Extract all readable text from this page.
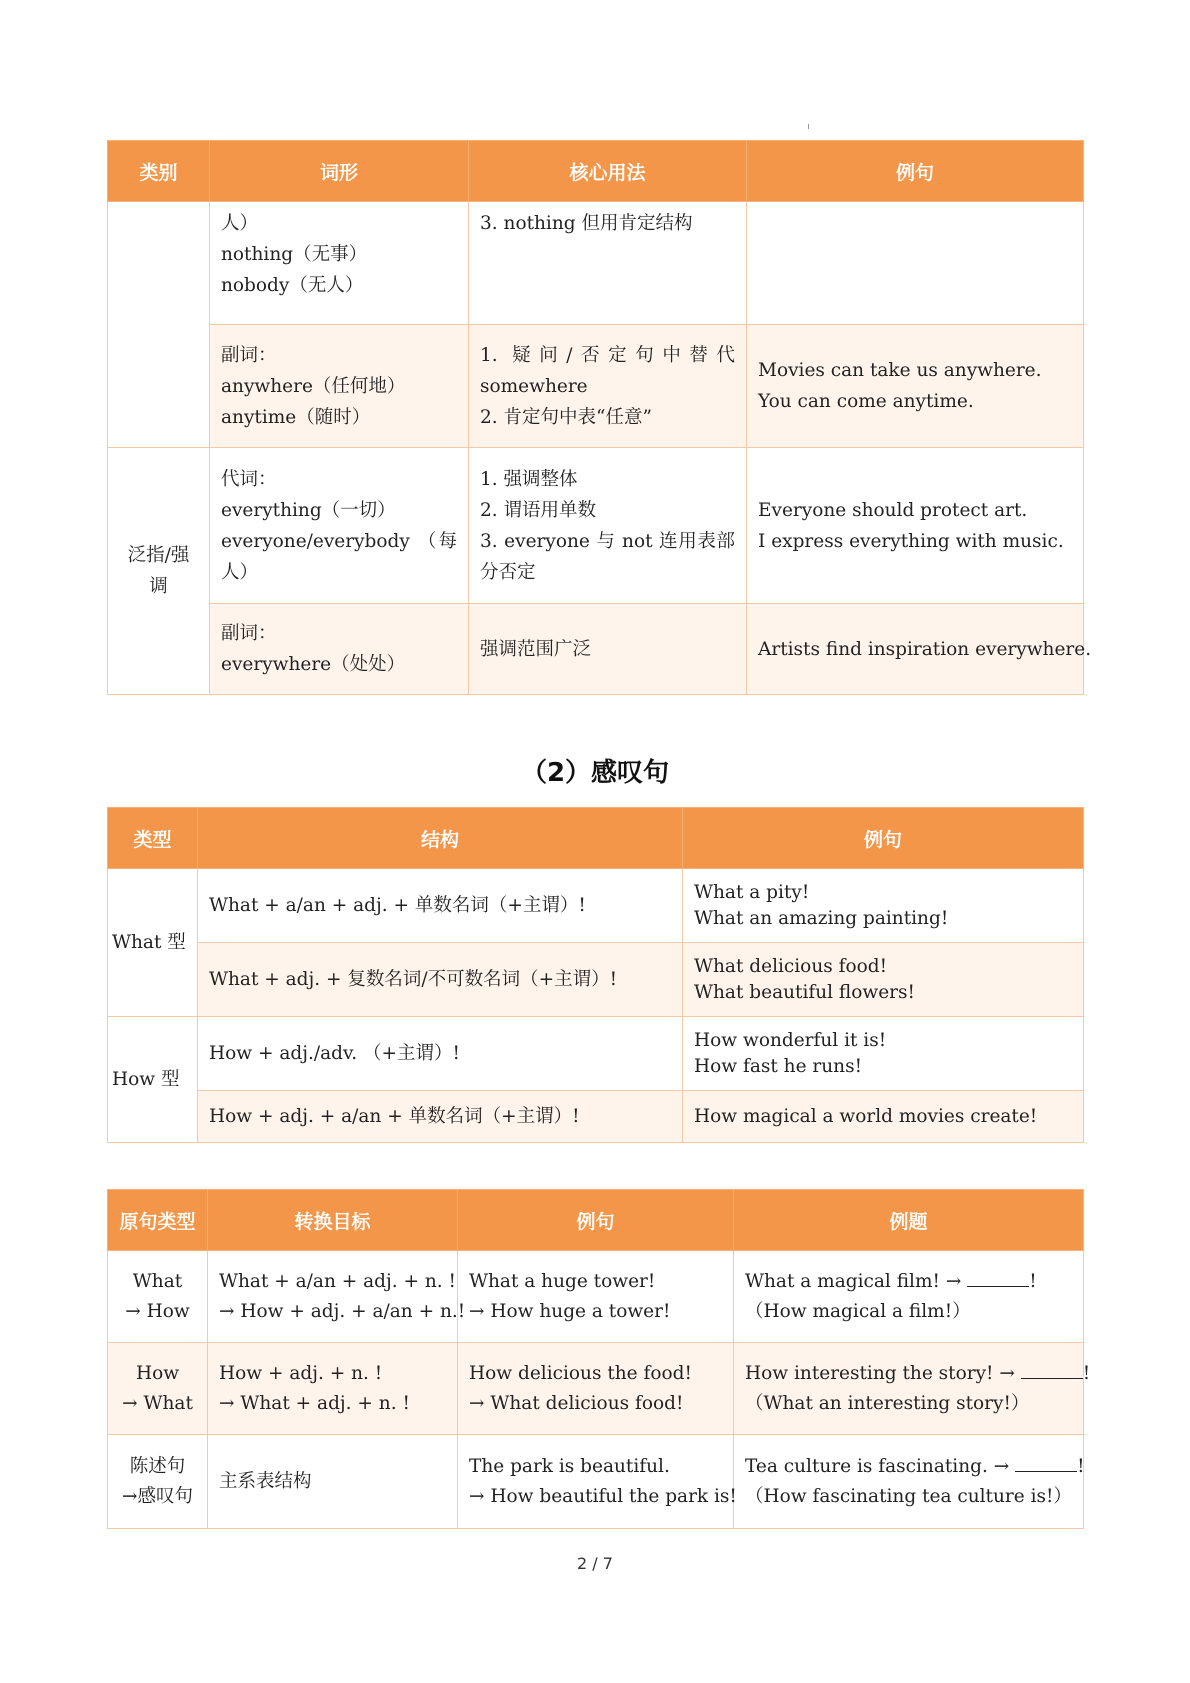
类别	词形	核心用法	例句

	人）
nothing（无事）
nobody（无人）	3. nothing 但用肯定结构	

	副词：
anywhere（任何地）
anytime（随时）	1. 疑问/否定句中替代
somewhere
2. 肯定句中表“任意”	Movies can take us anywhere.
You can come anytime.

泛指/强
调	代词：
everything（一切）
everyone/everybody （每
人）	1. 强调整体
2. 谓语用单数
3. everyone 与 not 连用表部
分否定	Everyone should protect art.
I express everything with music.

	副词：
everywhere（处处）	强调范围广泛	Artists find inspiration everywhere.
（2）感叹句
类型	结构	例句
What 型	What + a/an + adj. + 单数名词（+主谓）!	What a pity!
What an amazing painting!

	What + adj. + 复数名词/不可数名词（+主谓）!	What delicious food!
What beautiful flowers!

How 型	How + adj./adv. （+主谓）!	How wonderful it is!
How fast he runs!

	How + adj. + a/an + 单数名词（+主谓）!	How magical a world movies create!
原句类型	转换目标	例句	例题

What
→ How	What + a/an + adj. + n. !
→ How + adj. + a/an + n.!	What a huge tower!
→ How huge a tower!	What a magical film! → !
（How magical a film!）

How
→ What	How + adj. + n. !
→ What + adj. + n. !	How delicious the food!
→ What delicious food!	How interesting the story! → !
（What an interesting story!）

陈述句
→感叹句	主系表结构	The park is beautiful.
→ How beautiful the park is!	Tea culture is fascinating. → !
（How fascinating tea culture is!）
2 / 7
